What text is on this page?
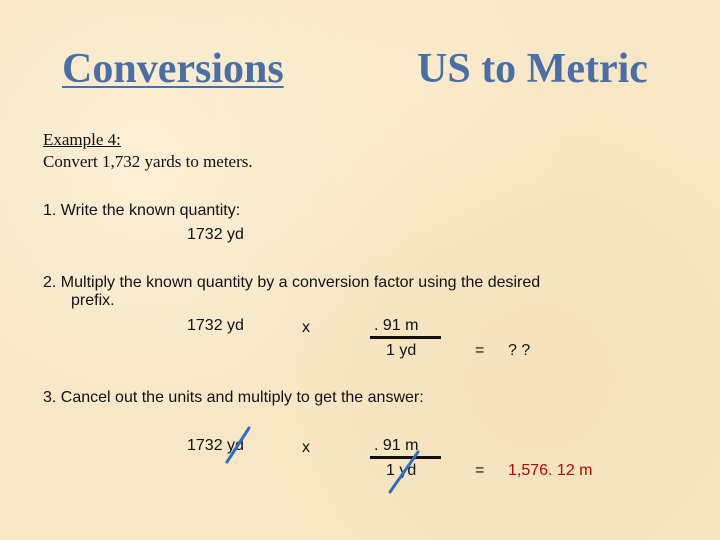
Conversions	US to Metric
Example 4:
Convert 1,732 yards to meters.
1. Write the known quantity:
1732 yd
2. Multiply the known quantity by a conversion factor using the desired
prefix.
1732 yd	x	. 91 m
1 yd	= ? ?
3. Cancel out the units and multiply to get the answer:
1732 yd	x	. 91 m
1 yd	= 1,576. 12 m
